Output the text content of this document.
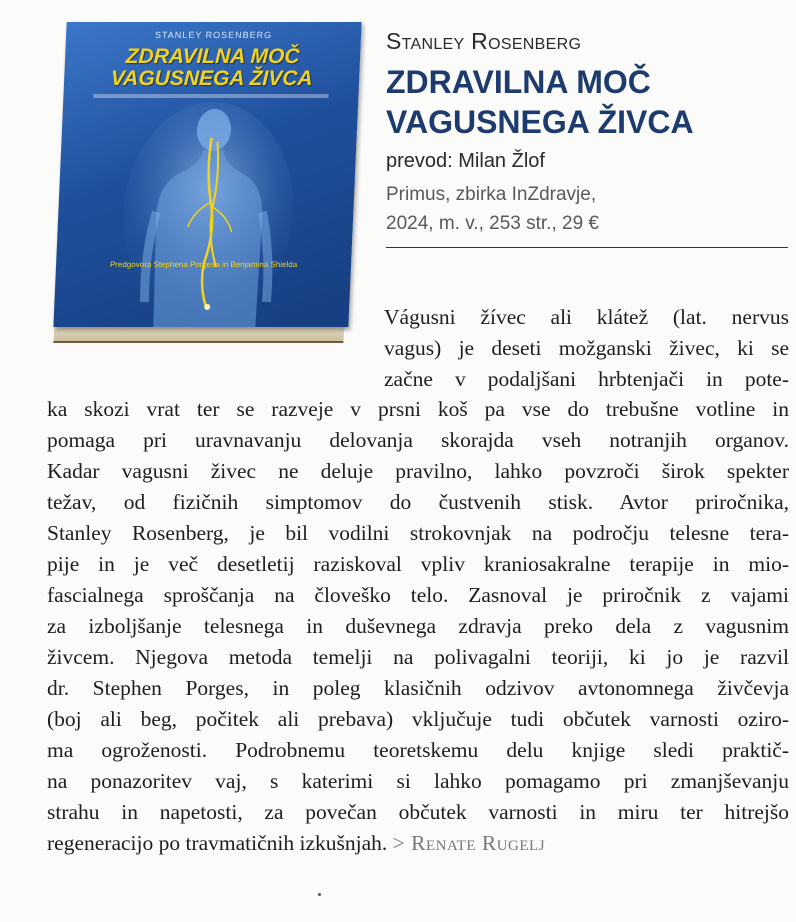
STANLEY ROSENBERG
ZDRAVILNA MOČ
VAGUSNEGA ŽIVCA
Predgovora Stephena Porgesa in Benjamina Shielda
Stanley Rosenberg
ZDRAVILNA MOČ
VAGUSNEGA ŽIVCA
prevod: Milan Žlof
Primus, zbirka InZdravje,
2024, m. v., 253 str., 29 €
Vágusni žívec ali klátež (lat. nervus
vagus) je deseti možganski živec, ki se
začne v podaljšani hrbtenjači in pote-
ka skozi vrat ter se razveje v prsni koš pa vse do trebušne votline in
pomaga pri uravnavanju delovanja skorajda vseh notranjih organov.
Kadar vagusni živec ne deluje pravilno, lahko povzroči širok spekter
težav, od fizičnih simptomov do čustvenih stisk. Avtor priročnika,
Stanley Rosenberg, je bil vodilni strokovnjak na področju telesne tera-
pije in je več desetletij raziskoval vpliv kraniosakralne terapije in mio-
fascialnega sproščanja na človeško telo. Zasnoval je priročnik z vajami
za izboljšanje telesnega in duševnega zdravja preko dela z vagusnim
živcem. Njegova metoda temelji na polivagalni teoriji, ki jo je razvil
dr. Stephen Porges, in poleg klasičnih odzivov avtonomnega živčevja
(boj ali beg, počitek ali prebava) vključuje tudi občutek varnosti oziro-
ma ogroženosti. Podrobnemu teoretskemu delu knjige sledi praktič-
na ponazoritev vaj, s katerimi si lahko pomagamo pri zmanjševanju
strahu in napetosti, za povečan občutek varnosti in miru ter hitrejšo
regeneracijo po travmatičnih izkušnjah. > Renate Rugelj
